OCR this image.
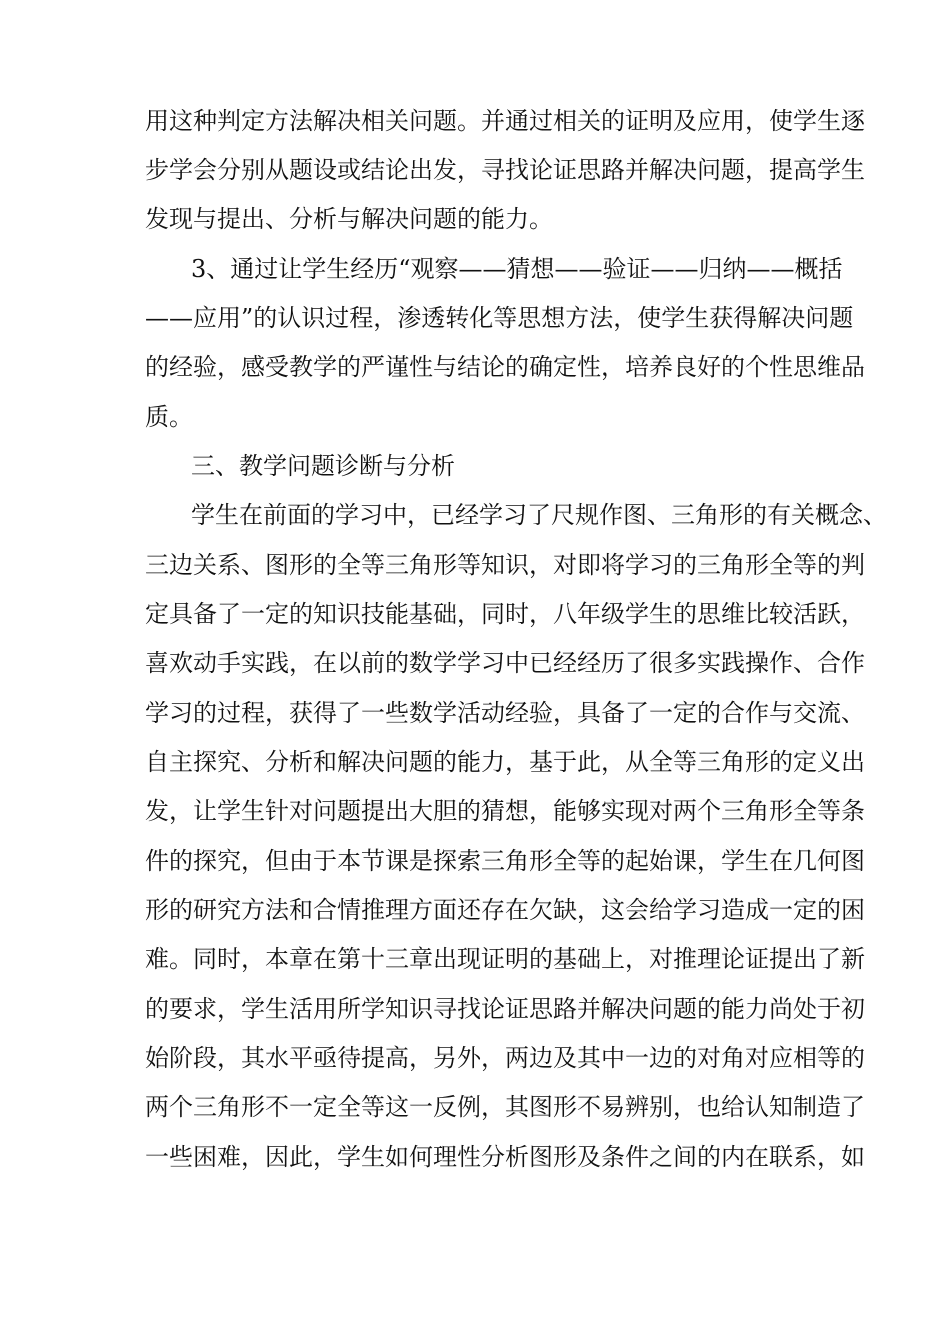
用这种判定方法解决相关问题。并通过相关的证明及应用，使学生逐
步学会分别从题设或结论出发，寻找论证思路并解决问题，提高学生
发现与提出、分析与解决问题的能力。
3、通过让学生经历“观察——猜想——验证——归纳——概括
——应用”的认识过程，渗透转化等思想方法，使学生获得解决问题
的经验，感受教学的严谨性与结论的确定性，培养良好的个性思维品
质。
三、教学问题诊断与分析
学生在前面的学习中，已经学习了尺规作图、三角形的有关概念、
三边关系、图形的全等三角形等知识，对即将学习的三角形全等的判
定具备了一定的知识技能基础，同时，八年级学生的思维比较活跃，
喜欢动手实践，在以前的数学学习中已经经历了很多实践操作、合作
学习的过程，获得了一些数学活动经验，具备了一定的合作与交流、
自主探究、分析和解决问题的能力，基于此，从全等三角形的定义出
发，让学生针对问题提出大胆的猜想，能够实现对两个三角形全等条
件的探究，但由于本节课是探索三角形全等的起始课，学生在几何图
形的研究方法和合情推理方面还存在欠缺，这会给学习造成一定的困
难。同时，本章在第十三章出现证明的基础上，对推理论证提出了新
的要求，学生活用所学知识寻找论证思路并解决问题的能力尚处于初
始阶段，其水平亟待提高，另外，两边及其中一边的对角对应相等的
两个三角形不一定全等这一反例，其图形不易辨别，也给认知制造了
一些困难，因此，学生如何理性分析图形及条件之间的内在联系，如
